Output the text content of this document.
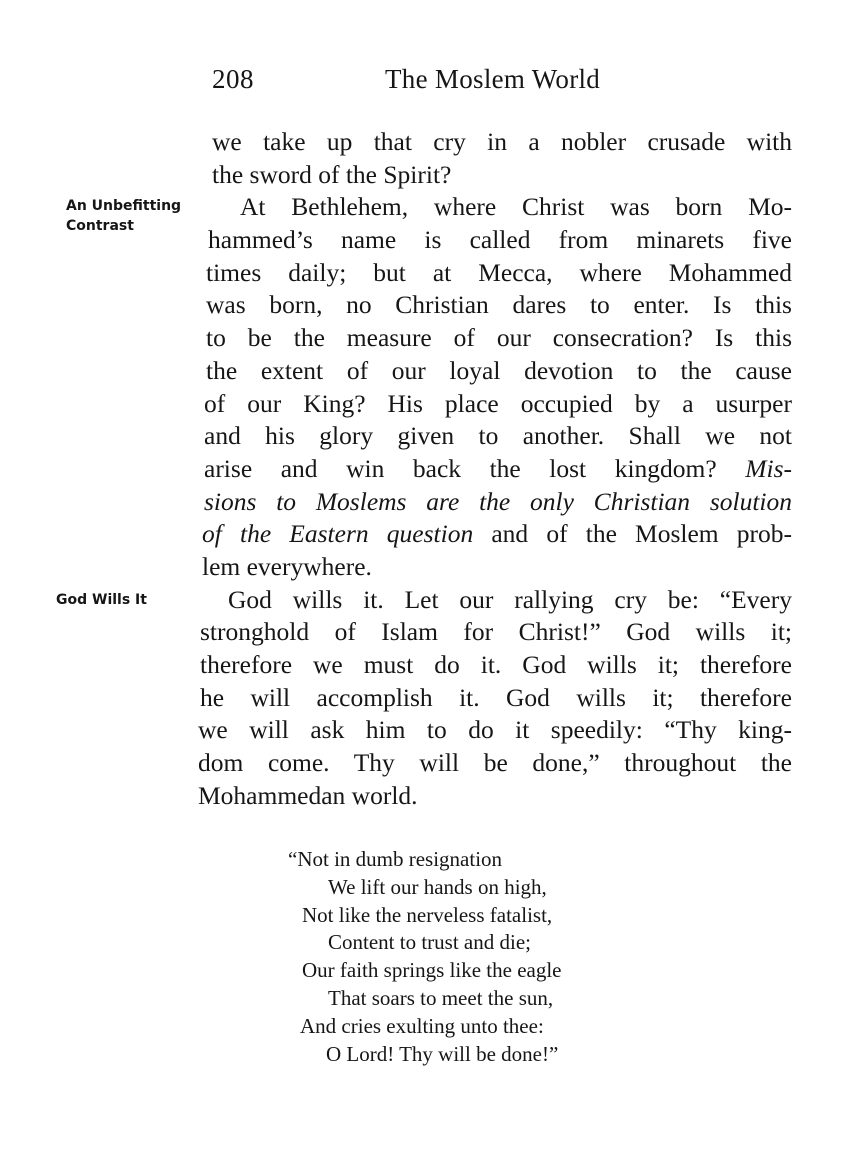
208	The Moslem World
An Unbefitting
Contrast
God Wills It
we take up that cry in a nobler crusade with
the sword of the Spirit?
At Bethlehem, where Christ was born Mo-
hammed’s name is called from minarets five
times daily; but at Mecca, where Mohammed
was born, no Christian dares to enter. Is this
to be the measure of our consecration? Is this
the extent of our loyal devotion to the cause
of our King? His place occupied by a usurper
and his glory given to another. Shall we not
arise and win back the lost kingdom? Mis-
sions to Moslems are the only Christian solution
of the Eastern question and of the Moslem prob-
lem everywhere.
God wills it. Let our rallying cry be: “Every
stronghold of Islam for Christ!” God wills it;
therefore we must do it. God wills it; therefore
he will accomplish it. God wills it; therefore
we will ask him to do it speedily: “Thy king-
dom come. Thy will be done,” throughout the
Mohammedan world.
“Not in dumb resignation
We lift our hands on high,
Not like the nerveless fatalist,
Content to trust and die;
Our faith springs like the eagle
That soars to meet the sun,
And cries exulting unto thee:
O Lord! Thy will be done!”
